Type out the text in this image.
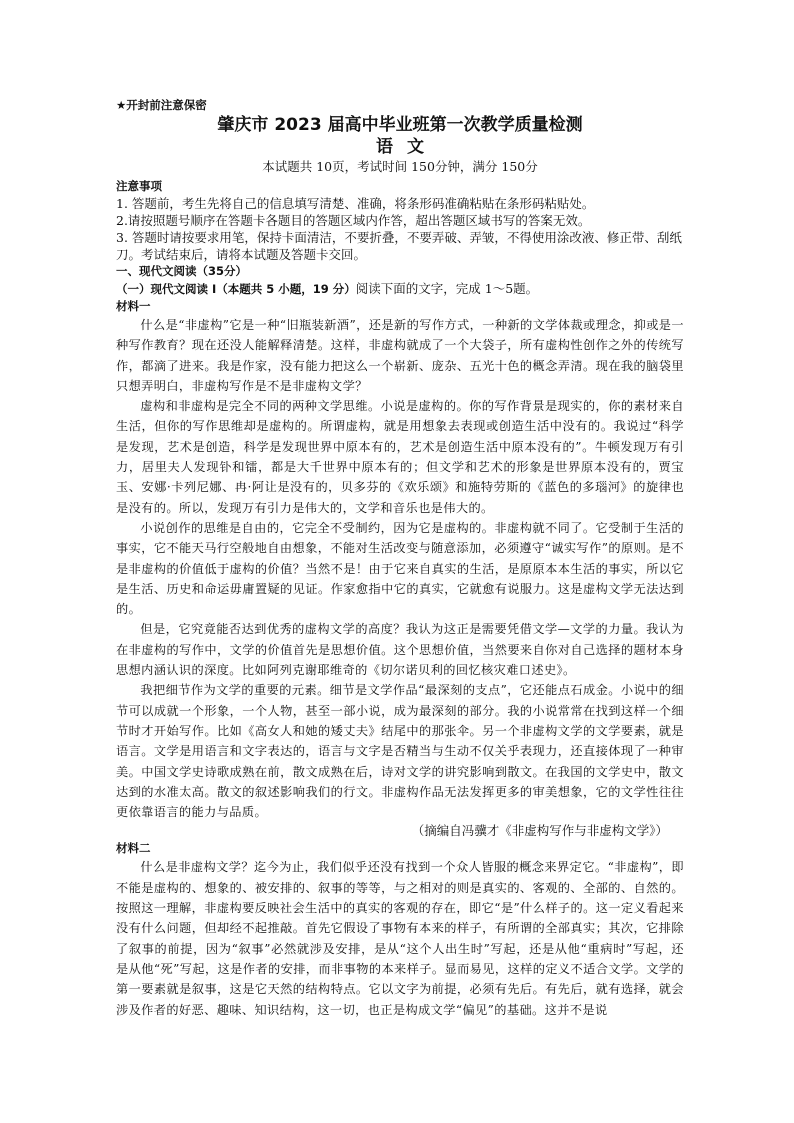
★开封前注意保密
肇庆市 2023 届高中毕业班第一次教学质量检测
语文
本试题共 10页，考试时间 150分钟，满分 150分
注意事项
1. 答题前，考生先将自己的信息填写清楚、准确，将条形码准确粘贴在条形码粘贴处。
2.请按照题号顺序在答题卡各题目的答题区域内作答，超出答题区域书写的答案无效。
3. 答题时请按要求用笔，保持卡面清洁，不要折叠，不要弄破、弄皱，不得使用涂改液、修正带、刮纸刀。考试结束后，请将本试题及答题卡交回。
一、现代文阅读（35分）
（一）现代文阅读 I（本题共 5 小题，19 分）阅读下面的文字，完成 1～5题。
材料一

什么是“非虚构”它是一种“旧瓶装新酒”，还是新的写作方式，一种新的文学体裁或理念，抑或是一种写作教育？现在还没人能解释清楚。这样，非虚构就成了一个大袋子，所有虚构性创作之外的传统写作，都滴了进来。我是作家，没有能力把这么一个崭新、庞杂、五光十色的概念弄清。现在我的脑袋里只想弄明白，非虚构写作是不是非虚构文学？

虚构和非虚构是完全不同的两种文学思维。小说是虚构的。你的写作背景是现实的，你的素材来自生活，但你的写作思维却是虚构的。所谓虚构，就是用想象去表现或创造生活中没有的。我说过“科学是发现，艺术是创造，科学是发现世界中原本有的，艺术是创造生活中原本没有的”。牛顿发现万有引力，居里夫人发现钋和镭，都是大千世界中原本有的；但文学和艺术的形象是世界原本没有的，贾宝玉、安娜·卡列尼娜、冉·阿让是没有的，贝多芬的《欢乐颂》和施特劳斯的《蓝色的多瑙河》的旋律也是没有的。所以，发现万有引力是伟大的，文学和音乐也是伟大的。

小说创作的思维是自由的，它完全不受制约，因为它是虚构的。非虚构就不同了。它受制于生活的事实，它不能天马行空般地自由想象，不能对生活改变与随意添加，必须遵守“诚实写作”的原则。是不是非虚构的价值低于虚构的价值？当然不是！由于它来自真实的生活，是原原本本生活的事实，所以它是生活、历史和命运毋庸置疑的见证。作家愈指中它的真实，它就愈有说服力。这是虚构文学无法达到的。

但是，它究竟能否达到优秀的虚构文学的高度？我认为这正是需要凭借文学—文学的力量。我认为在非虚构的写作中，文学的价值首先是思想价值。这个思想价值，当然要来自你对自己选择的题材本身思想内涵认识的深度。比如阿列克谢耶维奇的《切尔诺贝利的回忆核灾难口述史》。

我把细节作为文学的重要的元素。细节是文学作品“最深刻的支点”，它还能点石成金。小说中的细节可以成就一个形象，一个人物，甚至一部小说，成为最深刻的部分。我的小说常常在找到这样一个细节时才开始写作。比如《高女人和她的矮丈夫》结尾中的那张伞。另一个非虚构文学的文学要素，就是语言。文学是用语言和文字表达的，语言与文字是否精当与生动不仅关乎表现力，还直接体现了一种审美。中国文学史诗歌成熟在前，散文成熟在后，诗对文学的讲究影响到散文。在我国的文学史中，散文达到的水准太高。散文的叙述影响我们的行文。非虚构作品无法发挥更多的审美想象，它的文学性往往更依靠语言的能力与品质。

（摘编自冯骥才《非虚构写作与非虚构文学》）
材料二

什么是非虚构文学？迄今为止，我们似乎还没有找到一个众人皆服的概念来界定它。“非虚构”，即不能是虚构的、想象的、被安排的、叙事的等等，与之相对的则是真实的、客观的、全部的、自然的。按照这一理解，非虚构要反映社会生活中的真实的客观的存在，即它“是”什么样子的。这一定义看起来没有什么问题，但却经不起推敲。首先它假设了事物有本来的样子，有所谓的全部真实；其次，它排除了叙事的前提，因为“叙事”必然就涉及安排，是从“这个人出生时”写起，还是从他“重病时”写起，还是从他“死”写起，这是作者的安排，而非事物的本来样子。显而易见，这样的定义不适合文学。文学的第一要素就是叙事，这是它天然的结构特点。它以文字为前提，必须有先后。有先后，就有选择，就会涉及作者的好恶、趣味、知识结构，这一切，也正是构成文学“偏见”的基础。这并不是说
